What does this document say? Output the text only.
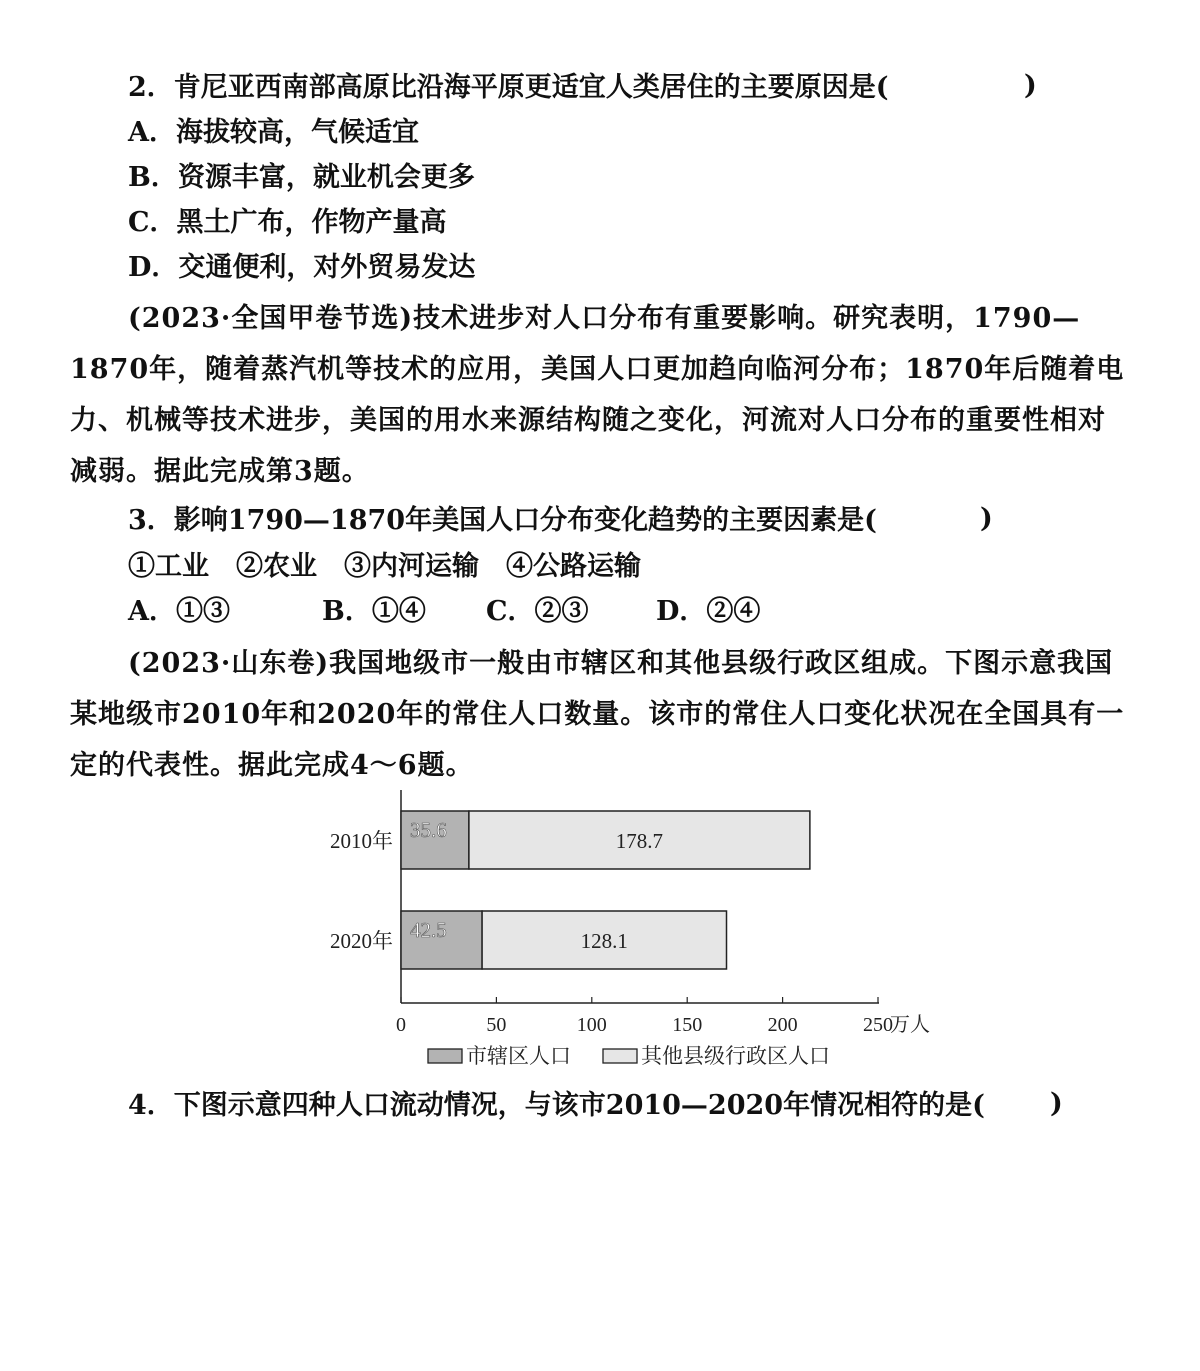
2．肯尼亚西南部高原比沿海平原更适宜人类居住的主要原因是(	)
A．海拔较高，气候适宜
B．资源丰富，就业机会更多
C．黑土广布，作物产量高
D．交通便利，对外贸易发达
(2023·全国甲卷节选)技术进步对人口分布有重要影响。研究表明，1790—1870年，随着蒸汽机等技术的应用，美国人口更加趋向临河分布；1870年后随着电力、机械等技术进步，美国的用水来源结构随之变化，河流对人口分布的重要性相对减弱。据此完成第3题。
3．影响1790—1870年美国人口分布变化趋势的主要因素是(	)
①工业　②农业　③内河运输　④公路运输
A．①③	B．①④ C．②③	D．②④
(2023·山东卷)我国地级市一般由市辖区和其他县级行政区组成。下图示意我国某地级市2010年和2020年的常住人口数量。该市的常住人口变化状况在全国具有一定的代表性。据此完成4～6题。
0	50	100	150	200	250
万人
2010年 35.6	178.7
2020年 42.5	128.1
市辖区人口	其他县级行政区人口
4．下图示意四种人口流动情况，与该市2010—2020年情况相符的是( )
